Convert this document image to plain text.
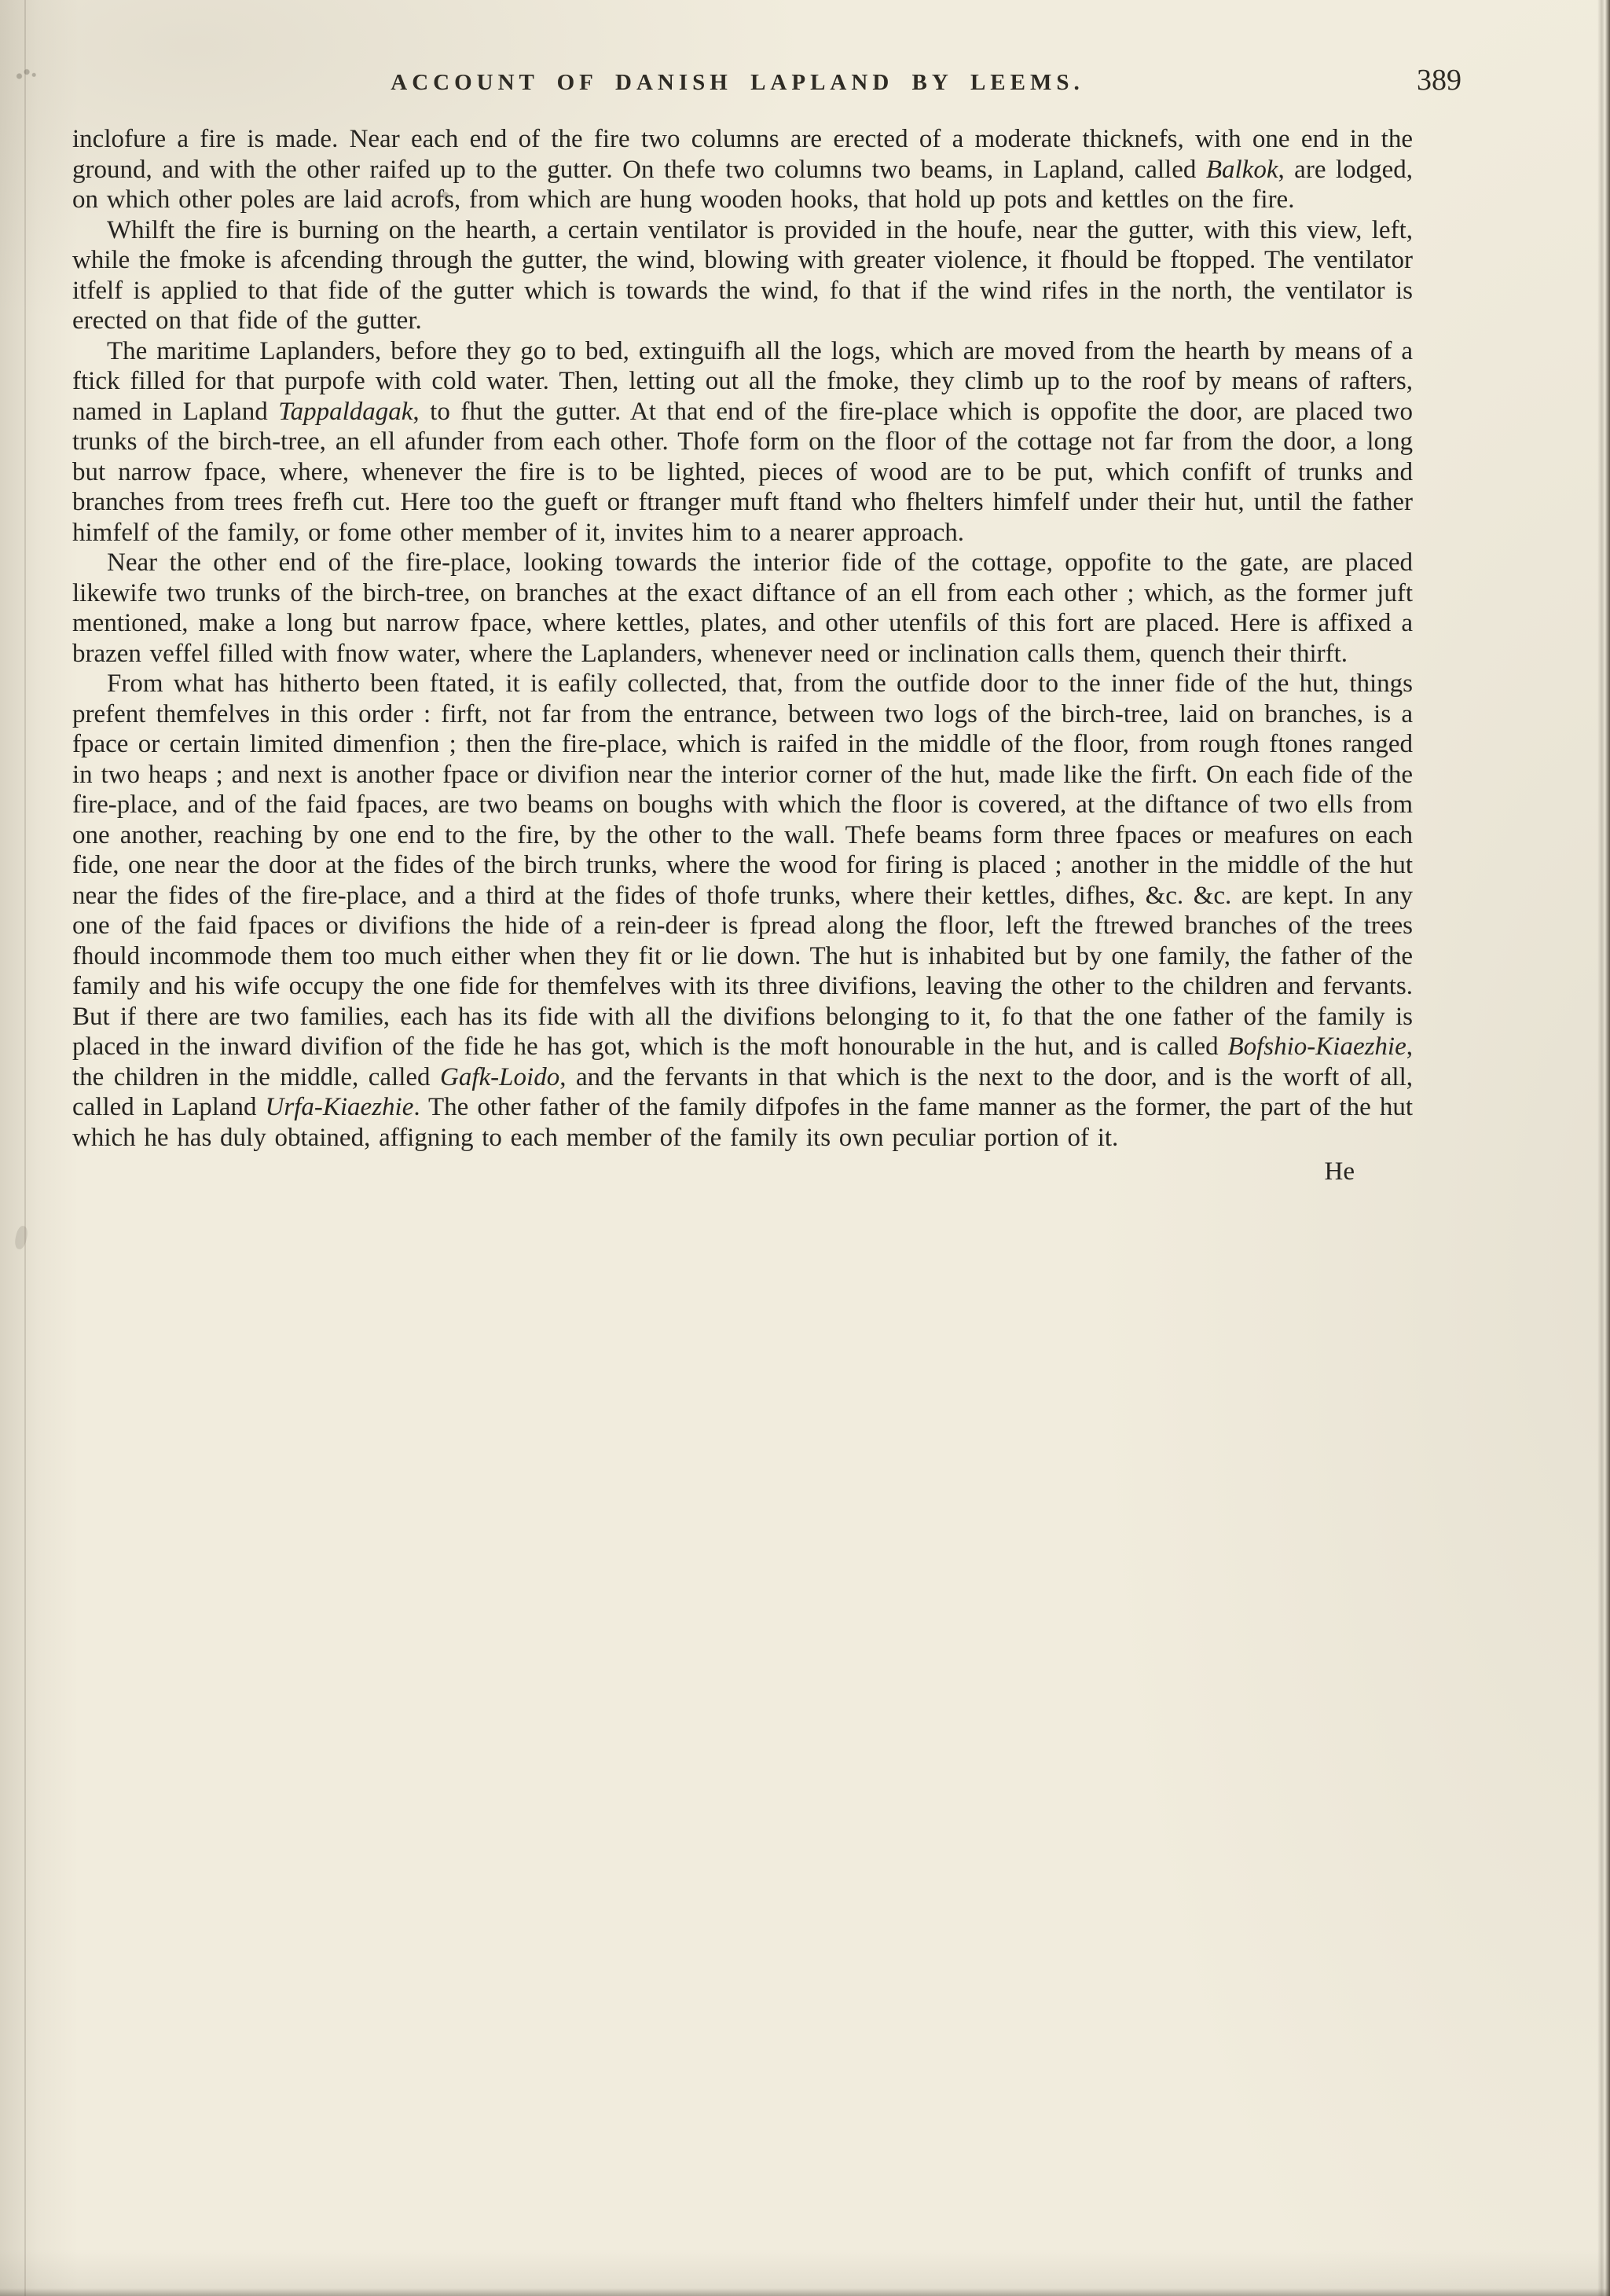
ACCOUNT OF DANISH LAPLAND BY LEEMS.	389

inclofure a fire is made. Near each end of the fire two columns are erected of a moderate thicknefs, with one end in the ground, and with the other raifed up to the gutter. On thefe two columns two beams, in Lapland, called Balkok, are lodged, on which other poles are laid acrofs, from which are hung wooden hooks, that hold up pots and kettles on the fire.

Whilft the fire is burning on the hearth, a certain ventilator is provided in the houfe, near the gutter, with this view, left, while the fmoke is afcending through the gutter, the wind, blowing with greater violence, it fhould be ftopped. The ventilator itfelf is applied to that fide of the gutter which is towards the wind, fo that if the wind rifes in the north, the ventilator is erected on that fide of the gutter.

The maritime Laplanders, before they go to bed, extinguifh all the logs, which are moved from the hearth by means of a ftick filled for that purpofe with cold water. Then, letting out all the fmoke, they climb up to the roof by means of rafters, named in Lapland Tappaldagak, to fhut the gutter. At that end of the fire-place which is oppofite the door, are placed two trunks of the birch-tree, an ell afunder from each other. Thofe form on the floor of the cottage not far from the door, a long but narrow fpace, where, whenever the fire is to be lighted, pieces of wood are to be put, which confift of trunks and branches from trees frefh cut. Here too the gueft or ftranger muft ftand who fhelters himfelf under their hut, until the father himfelf of the family, or fome other member of it, invites him to a nearer approach.

Near the other end of the fire-place, looking towards the interior fide of the cottage, oppofite to the gate, are placed likewife two trunks of the birch-tree, on branches at the exact diftance of an ell from each other ; which, as the former juft mentioned, make a long but narrow fpace, where kettles, plates, and other utenfils of this fort are placed. Here is affixed a brazen veffel filled with fnow water, where the Laplanders, whenever need or inclination calls them, quench their thirft.

From what has hitherto been ftated, it is eafily collected, that, from the outfide door to the inner fide of the hut, things prefent themfelves in this order : firft, not far from the entrance, between two logs of the birch-tree, laid on branches, is a fpace or certain limited dimenfion ; then the fire-place, which is raifed in the middle of the floor, from rough ftones ranged in two heaps ; and next is another fpace or divifion near the interior corner of the hut, made like the firft. On each fide of the fire-place, and of the faid fpaces, are two beams on boughs with which the floor is covered, at the diftance of two ells from one another, reaching by one end to the fire, by the other to the wall. Thefe beams form three fpaces or meafures on each fide, one near the door at the fides of the birch trunks, where the wood for firing is placed ; another in the middle of the hut near the fides of the fire-place, and a third at the fides of thofe trunks, where their kettles, difhes, &c. &c. are kept. In any one of the faid fpaces or divifions the hide of a rein-deer is fpread along the floor, left the ftrewed branches of the trees fhould incommode them too much either when they fit or lie down. The hut is inhabited but by one family, the father of the family and his wife occupy the one fide for themfelves with its three divifions, leaving the other to the children and fervants. But if there are two families, each has its fide with all the divifions belonging to it, fo that the one father of the family is placed in the inward divifion of the fide he has got, which is the moft honourable in the hut, and is called Bofshio-Kiaezhie, the children in the middle, called Gafk-Loido, and the fervants in that which is the next to the door, and is the worft of all, called in Lapland Urfa-Kiaezhie. The other father of the family difpofes in the fame manner as the former, the part of the hut which he has duly obtained, affigning to each member of the family its own peculiar portion of it.

He
